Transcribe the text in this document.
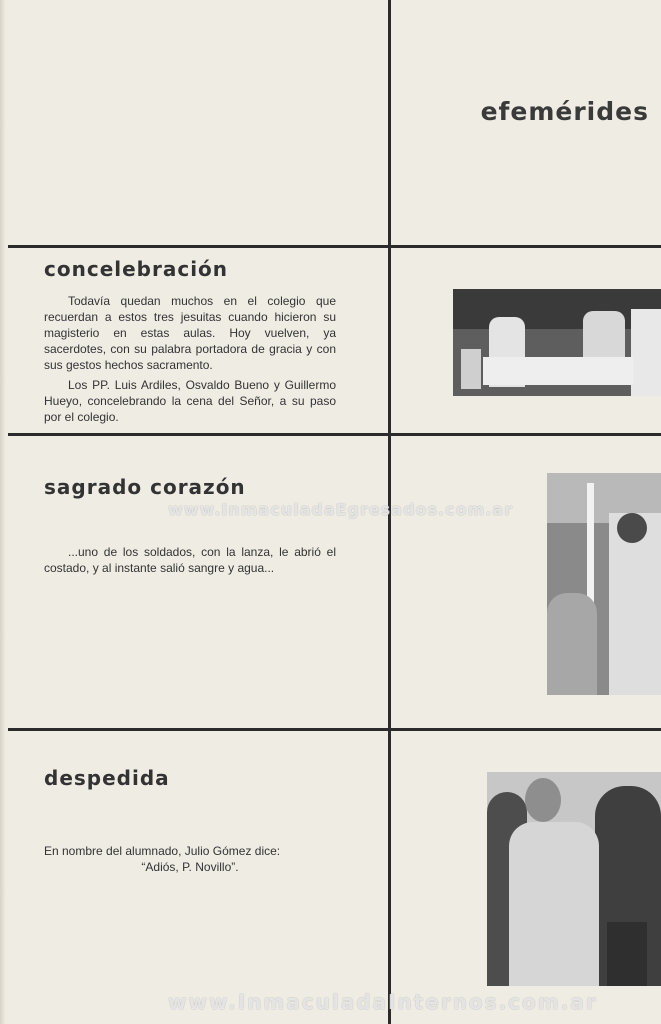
efemérides
concelebración

Todavía quedan muchos en el colegio que recuerdan a estos tres jesuitas cuando hicieron su magisterio en estas aulas. Hoy vuelven, ya sacerdotes, con su palabra portadora de gracia y con sus gestos hechos sacramento.

Los PP. Luis Ardiles, Osvaldo Bueno y Guillermo Hueyo, concelebrando la cena del Señor, a su paso por el colegio.

sagrado corazón

...uno de los soldados, con la lanza, le abrió el costado, y al instante salió sangre y agua...

despedida
En nombre del alumnado, Julio Gómez dice:
“Adiós, P. Novillo”.
www.InmaculadaEgresados.com.ar
www.InmaculadaInternos.com.ar
